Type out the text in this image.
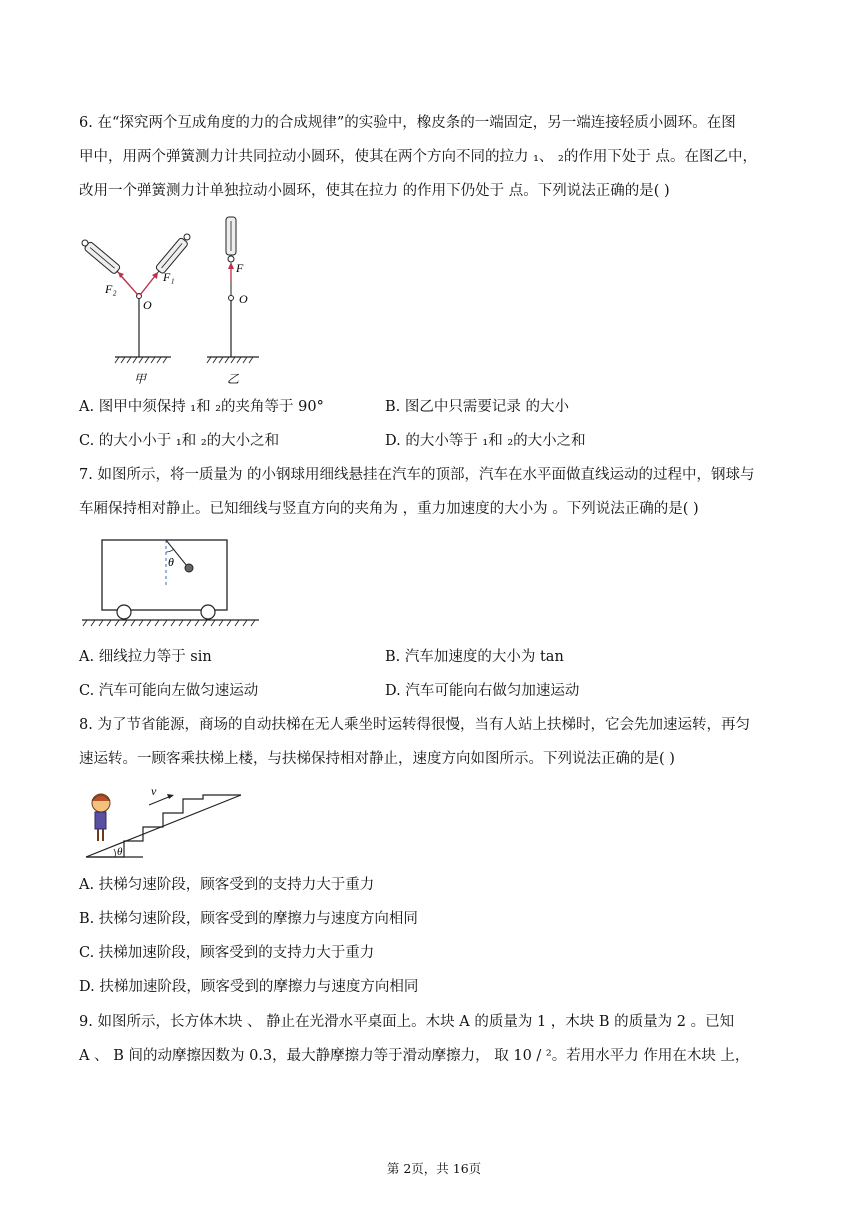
6. 在“探究两个互成角度的力的合成规律”的实验中，橡皮条的一端固定，另一端连接轻质小圆环。在图
甲中，用两个弹簧测力计共同拉动小圆环，使其在两个方向不同的拉力 ₁、 ₂的作用下处于 点。在图乙中，
改用一个弹簧测力计单独拉动小圆环，使其在拉力 的作用下仍处于 点。下列说法正确的是( )
F₂
F₁
O
甲
F
O
乙
A. 图甲中须保持 ₁和 ₂的夹角等于 90°	B. 图乙中只需要记录 的大小
C. 的大小小于 ₁和 ₂的大小之和	D. 的大小等于 ₁和 ₂的大小之和
7. 如图所示，将一质量为 的小钢球用细线悬挂在汽车的顶部，汽车在水平面做直线运动的过程中，钢球与
车厢保持相对静止。已知细线与竖直方向的夹角为 ，重力加速度的大小为 。下列说法正确的是( )
θ
A. 细线拉力等于 sin	B. 汽车加速度的大小为 tan
C. 汽车可能向左做匀速运动	D. 汽车可能向右做匀加速运动
8. 为了节省能源，商场的自动扶梯在无人乘坐时运转得很慢，当有人站上扶梯时，它会先加速运转，再匀
速运转。一顾客乘扶梯上楼，与扶梯保持相对静止，速度方向如图所示。下列说法正确的是( )
θ
v
A. 扶梯匀速阶段，顾客受到的支持力大于重力
B. 扶梯匀速阶段，顾客受到的摩擦力与速度方向相同
C. 扶梯加速阶段，顾客受到的支持力大于重力
D. 扶梯加速阶段，顾客受到的摩擦力与速度方向相同
9. 如图所示，长方体木块 、 静止在光滑水平桌面上。木块 A 的质量为 1 ，木块 B 的质量为 2 。已知
A 、 B 间的动摩擦因数为 0.3，最大静摩擦力等于滑动摩擦力， 取 10 / ²。若用水平力 作用在木块 上，
第 2页，共 16页
